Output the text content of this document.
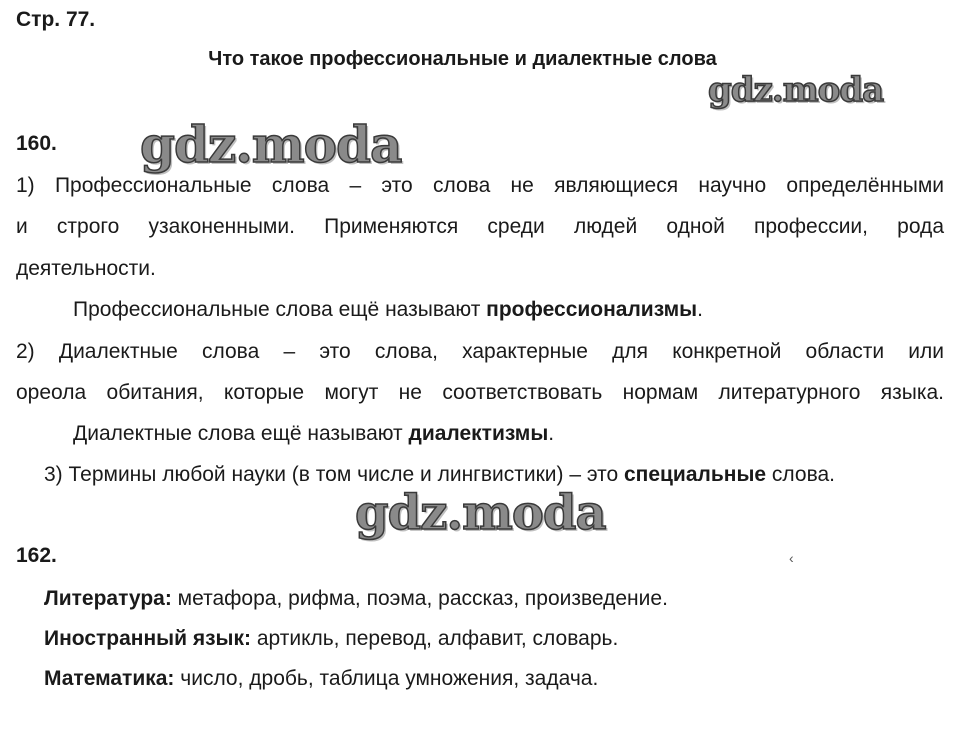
Стр. 77.
Что такое профессиональные и диалектные слова
gdz.moda
gdz.moda
gdz.moda
160.
1) Профессиональные слова – это слова не являющиеся научно определёнными
и строго узаконенными. Применяются среди людей одной профессии, рода
деятельности.
Профессиональные слова ещё называют профессионализмы.
2) Диалектные слова – это слова, характерные для конкретной области или
ореола обитания, которые могут не соответствовать нормам литературного языка.
Диалектные слова ещё называют диалектизмы.
3) Термины любой науки (в том числе и лингвистики) – это специальные слова.
162.	‹
Литература: метафора, рифма, поэма, рассказ, произведение.
Иностранный язык: артикль, перевод, алфавит, словарь.
Математика: число, дробь, таблица умножения, задача.
